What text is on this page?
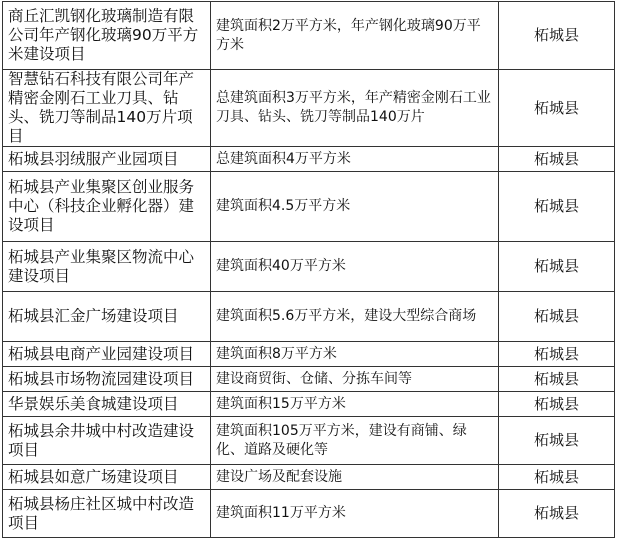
商丘汇凯钢化玻璃制造有限公司年产钢化玻璃90万平方米建设项目	建筑面积2万平方米，年产钢化玻璃90万平方米	柘城县
智慧钻石科技有限公司年产精密金刚石工业刀具、钻头、铣刀等制品140万片项目	总建筑面积3万平方米，年产精密金刚石工业刀具、钻头、铣刀等制品140万片	柘城县
柘城县羽绒服产业园项目	总建筑面积4万平方米	柘城县
柘城县产业集聚区创业服务中心（科技企业孵化器）建设项目	建筑面积4.5万平方米	柘城县
柘城县产业集聚区物流中心建设项目	建筑面积40万平方米	柘城县
柘城县汇金广场建设项目	建筑面积5.6万平方米，建设大型综合商场	柘城县
柘城县电商产业园建设项目	建筑面积8万平方米	柘城县
柘城县市场物流园建设项目	建设商贸街、仓储、分拣车间等	柘城县
华景娱乐美食城建设项目	建筑面积15万平方米	柘城县
柘城县余井城中村改造建设项目	建筑面积105万平方米，建设有商铺、绿化、道路及硬化等	柘城县
柘城县如意广场建设项目	建设广场及配套设施	柘城县
柘城县杨庄社区城中村改造项目	建筑面积11万平方米	柘城县
